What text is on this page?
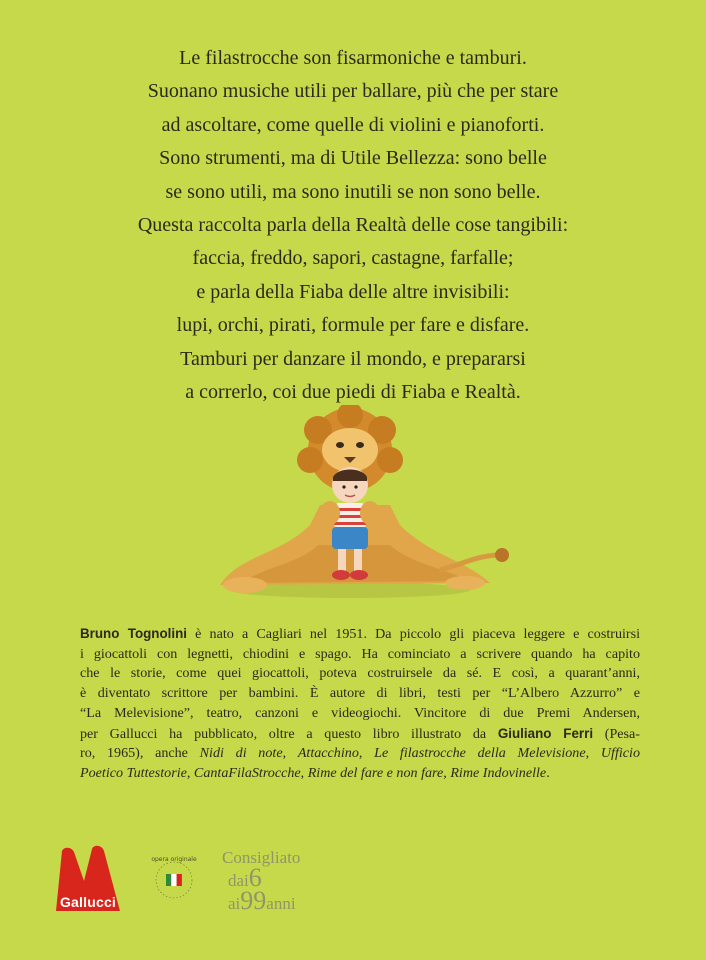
Le filastrocche son fisarmoniche e tamburi.
Suonano musiche utili per ballare, più che per stare
ad ascoltare, come quelle di violini e pianoforti.
Sono strumenti, ma di Utile Bellezza: sono belle
se sono utili, ma sono inutili se non sono belle.
Questa raccolta parla della Realtà delle cose tangibili:
faccia, freddo, sapori, castagne, farfalle;
e parla della Fiaba delle altre invisibili:
lupi, orchi, pirati, formule per fare e disfare.
Tamburi per danzare il mondo, e prepararsi
a correrlo, coi due piedi di Fiaba e Realtà.
Bruno Tognolini è nato a Cagliari nel 1951. Da piccolo gli piaceva leggere e costruirsi
i giocattoli con legnetti, chiodini e spago. Ha cominciato a scrivere quando ha capito
che le storie, come quei giocattoli, poteva costruirsele da sé. E così, a quarant’anni,
è diventato scrittore per bambini. È autore di libri, testi per “L’Albero Azzurro” e
“La Melevisione”, teatro, canzoni e videogiochi. Vincitore di due Premi Andersen,
per Gallucci ha pubblicato, oltre a questo libro illustrato da Giuliano Ferri (Pesa-
ro, 1965), anche Nidi di note, Attacchino, Le filastrocche della Melevisione, Ufficio
Poetico Tuttestorie, CantaFilaStrocche, Rime del fare e non fare, Rime Indovinelle.
Gallucci
opera originale Consigliato
dai6
ai99anni
